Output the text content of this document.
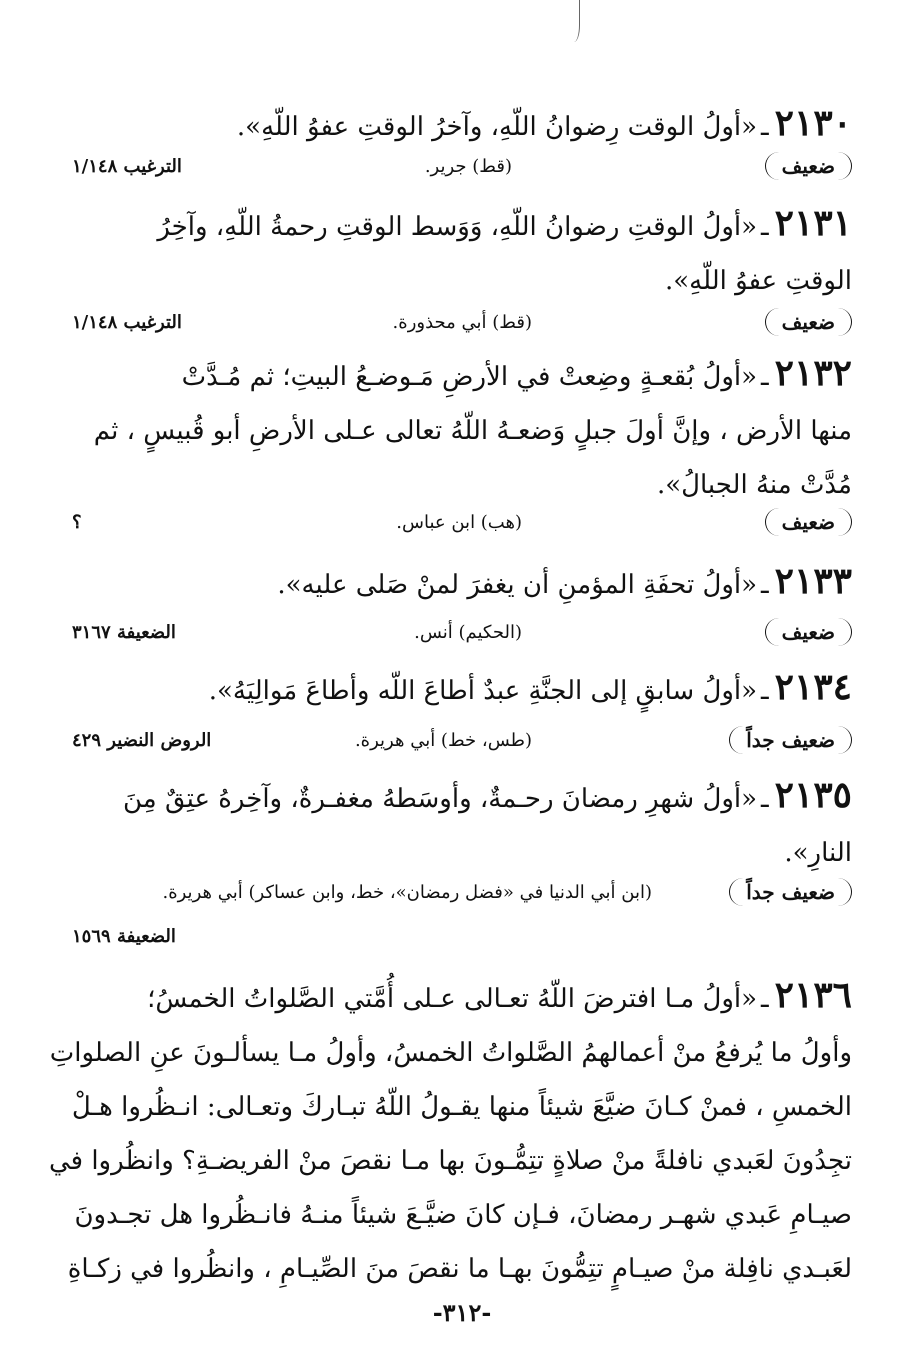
٢١٣٠ـ«أولُ الوقت رِضوانُ اللّهِ، وآخرُ الوقتِ عفوُ اللّهِ».
ضعيف
(قط) جرير.
الترغيب ١/١٤٨
٢١٣١ـ«أولُ الوقتِ رضوانُ اللّهِ، وَوَسط الوقتِ رحمةُ اللّهِ، وآخِرُ
الوقتِ عفوُ اللّهِ».
ضعيف
(قط) أبي محذورة.
الترغيب ١/١٤٨
٢١٣٢ـ«أولُ بُقعـةٍ وضِعتْ في الأرضِ مَـوضـعُ البيتِ؛ ثم مُـدَّتْ
منها الأرض ، وإنَّ أولَ جبلٍ وَضعـهُ اللّهُ تعالى عـلى الأرضِ أبو قُبيسٍ ، ثم
مُدَّتْ منهُ الجبالُ».
ضعيف
(هب) ابن عباس.
؟
٢١٣٣ـ«أولُ تحفَةِ المؤمنِ أن يغفرَ لمنْ صَلى عليه».
ضعيف
(الحكيم) أنس.
الضعيفة ٣١٦٧
٢١٣٤ـ«أولُ سابقٍ إلى الجنَّةِ عبدٌ أطاعَ اللّه وأطاعَ مَوالِيَهُ».
ضعيف جداً
(طس، خط) أبي هريرة.
الروض النضير ٤٢٩
٢١٣٥ـ«أولُ شهرِ رمضانَ رحـمةٌ، وأوسَطهُ مغفـرةٌ، وآخِرهُ عتِقٌ مِنَ
النارِ».
ضعيف جداً
(ابن أبي الدنيا في «فضل رمضان»، خط، وابن عساكر) أبي هريرة.
الضعيفة ١٥٦٩
٢١٣٦ـ«أولُ مـا افترضَ اللّهُ تعـالى عـلى أُمَّتي الصَّلواتُ الخمسُ؛
وأولُ ما يُرفعُ منْ أعمالهمُ الصَّلواتُ الخمسُ، وأولُ مـا يسألـونَ عنِ الصلواتِ
الخمسِ ، فمنْ كـانَ ضيَّعَ شيئاً منها يقـولُ اللّهُ تبـاركَ وتعـالى: انـظُروا هـلْ
تجِدُونَ لعَبدي نافلةً منْ صلاةٍ تتِمُّـونَ بها مـا نقصَ منْ الفريضـةِ؟ وانظُروا في
صيـامِ عَبدي شهـر رمضانَ، فـإن كانَ ضيَّـعَ شيئاً منـهُ فانـظُروا هل تجـدونَ
لعَبـدي نافِلة منْ صيـامٍ تتِمُّونَ بهـا ما نقصَ منَ الصِّيـامِ ، وانظُروا في زكـاةِ
-٣١٢-
